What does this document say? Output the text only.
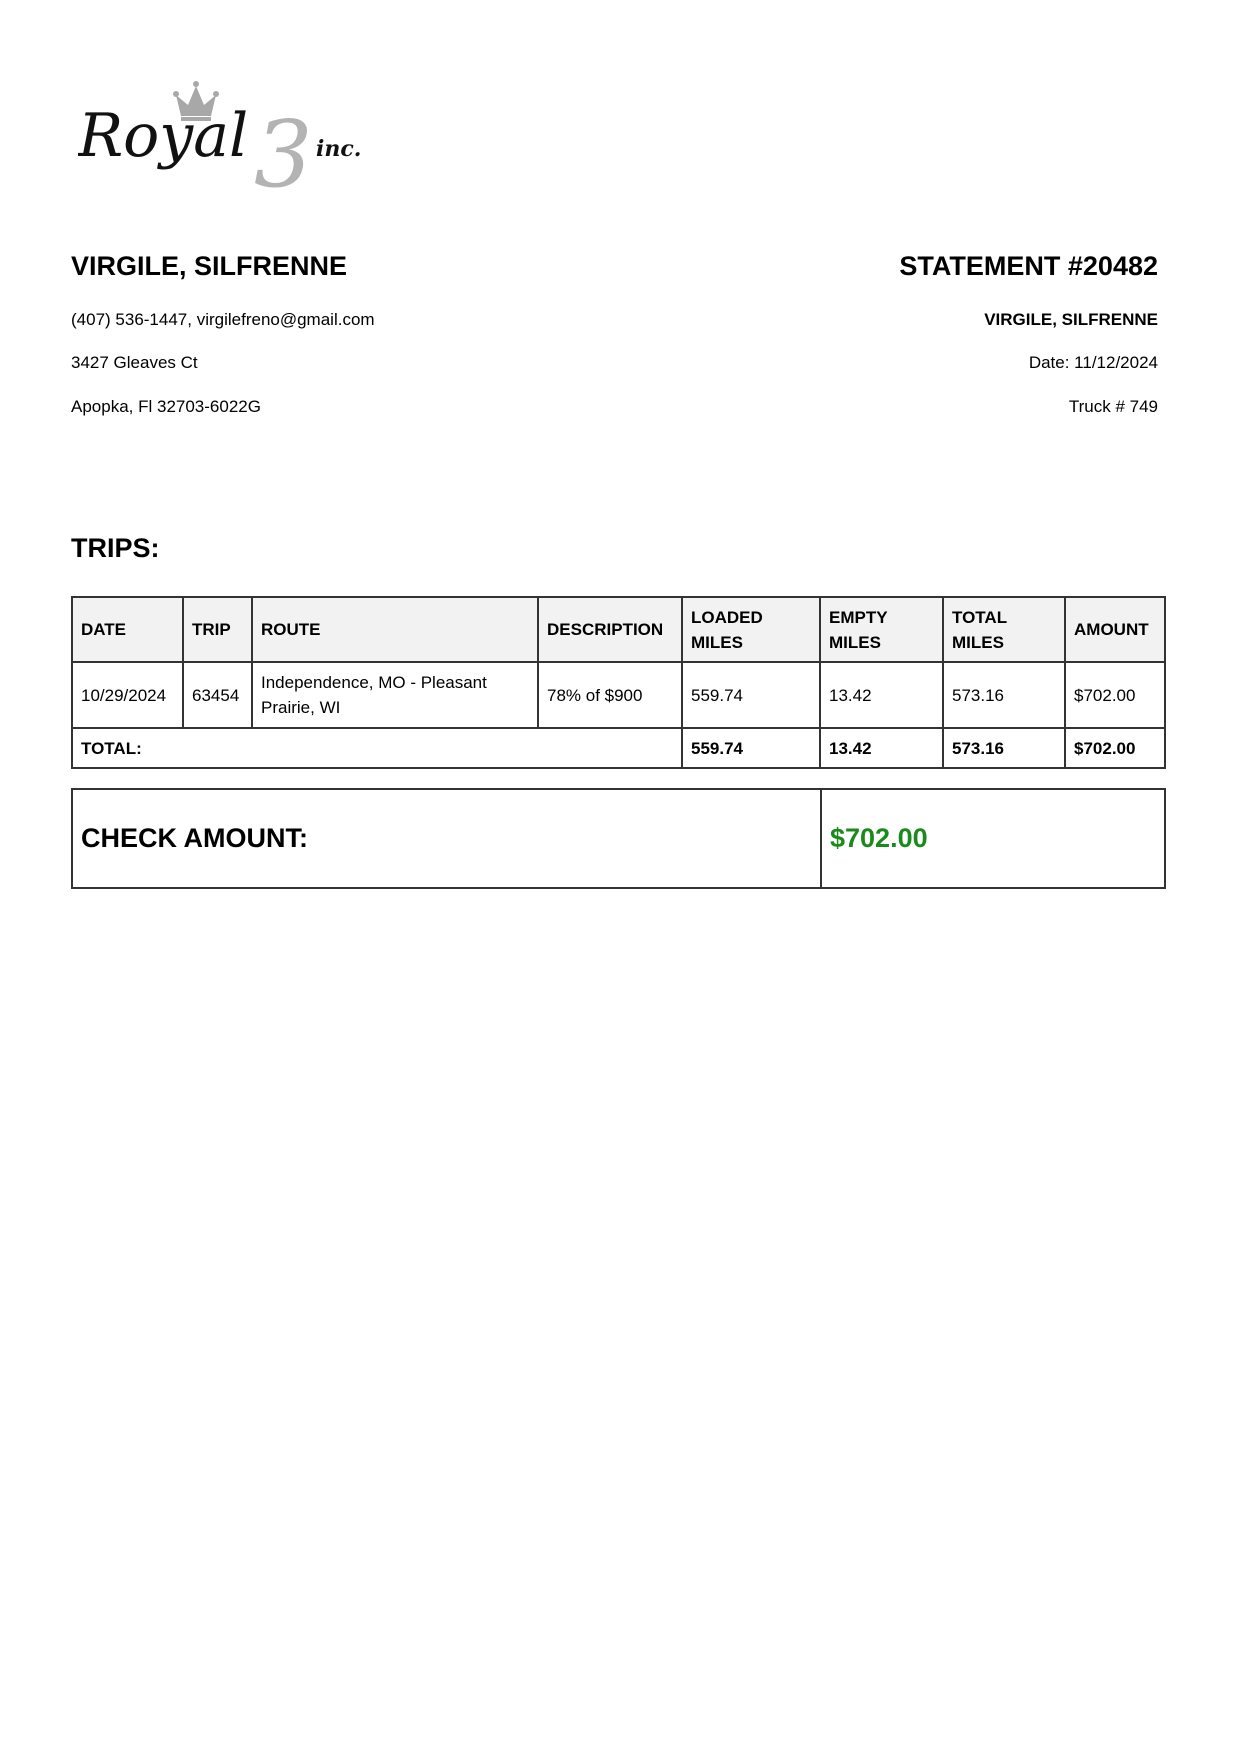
3
Royal	inc.
VIRGILE, SILFRENNE
(407) 536-1447, virgilefreno@gmail.com
3427 Gleaves Ct
Apopka, Fl 32703-6022G
STATEMENT #20482
VIRGILE, SILFRENNE
Date: 11/12/2024
Truck # 749
TRIPS:
DATE	TRIP	ROUTE	DESCRIPTION	LOADED MILES	EMPTY MILES	TOTAL MILES	AMOUNT
10/29/2024	63454	Independence, MO - Pleasant Prairie, WI	78% of $900	559.74	13.42	573.16	$702.00
TOTAL:				559.74	13.42	573.16	$702.00
CHECK AMOUNT:	$702.00
